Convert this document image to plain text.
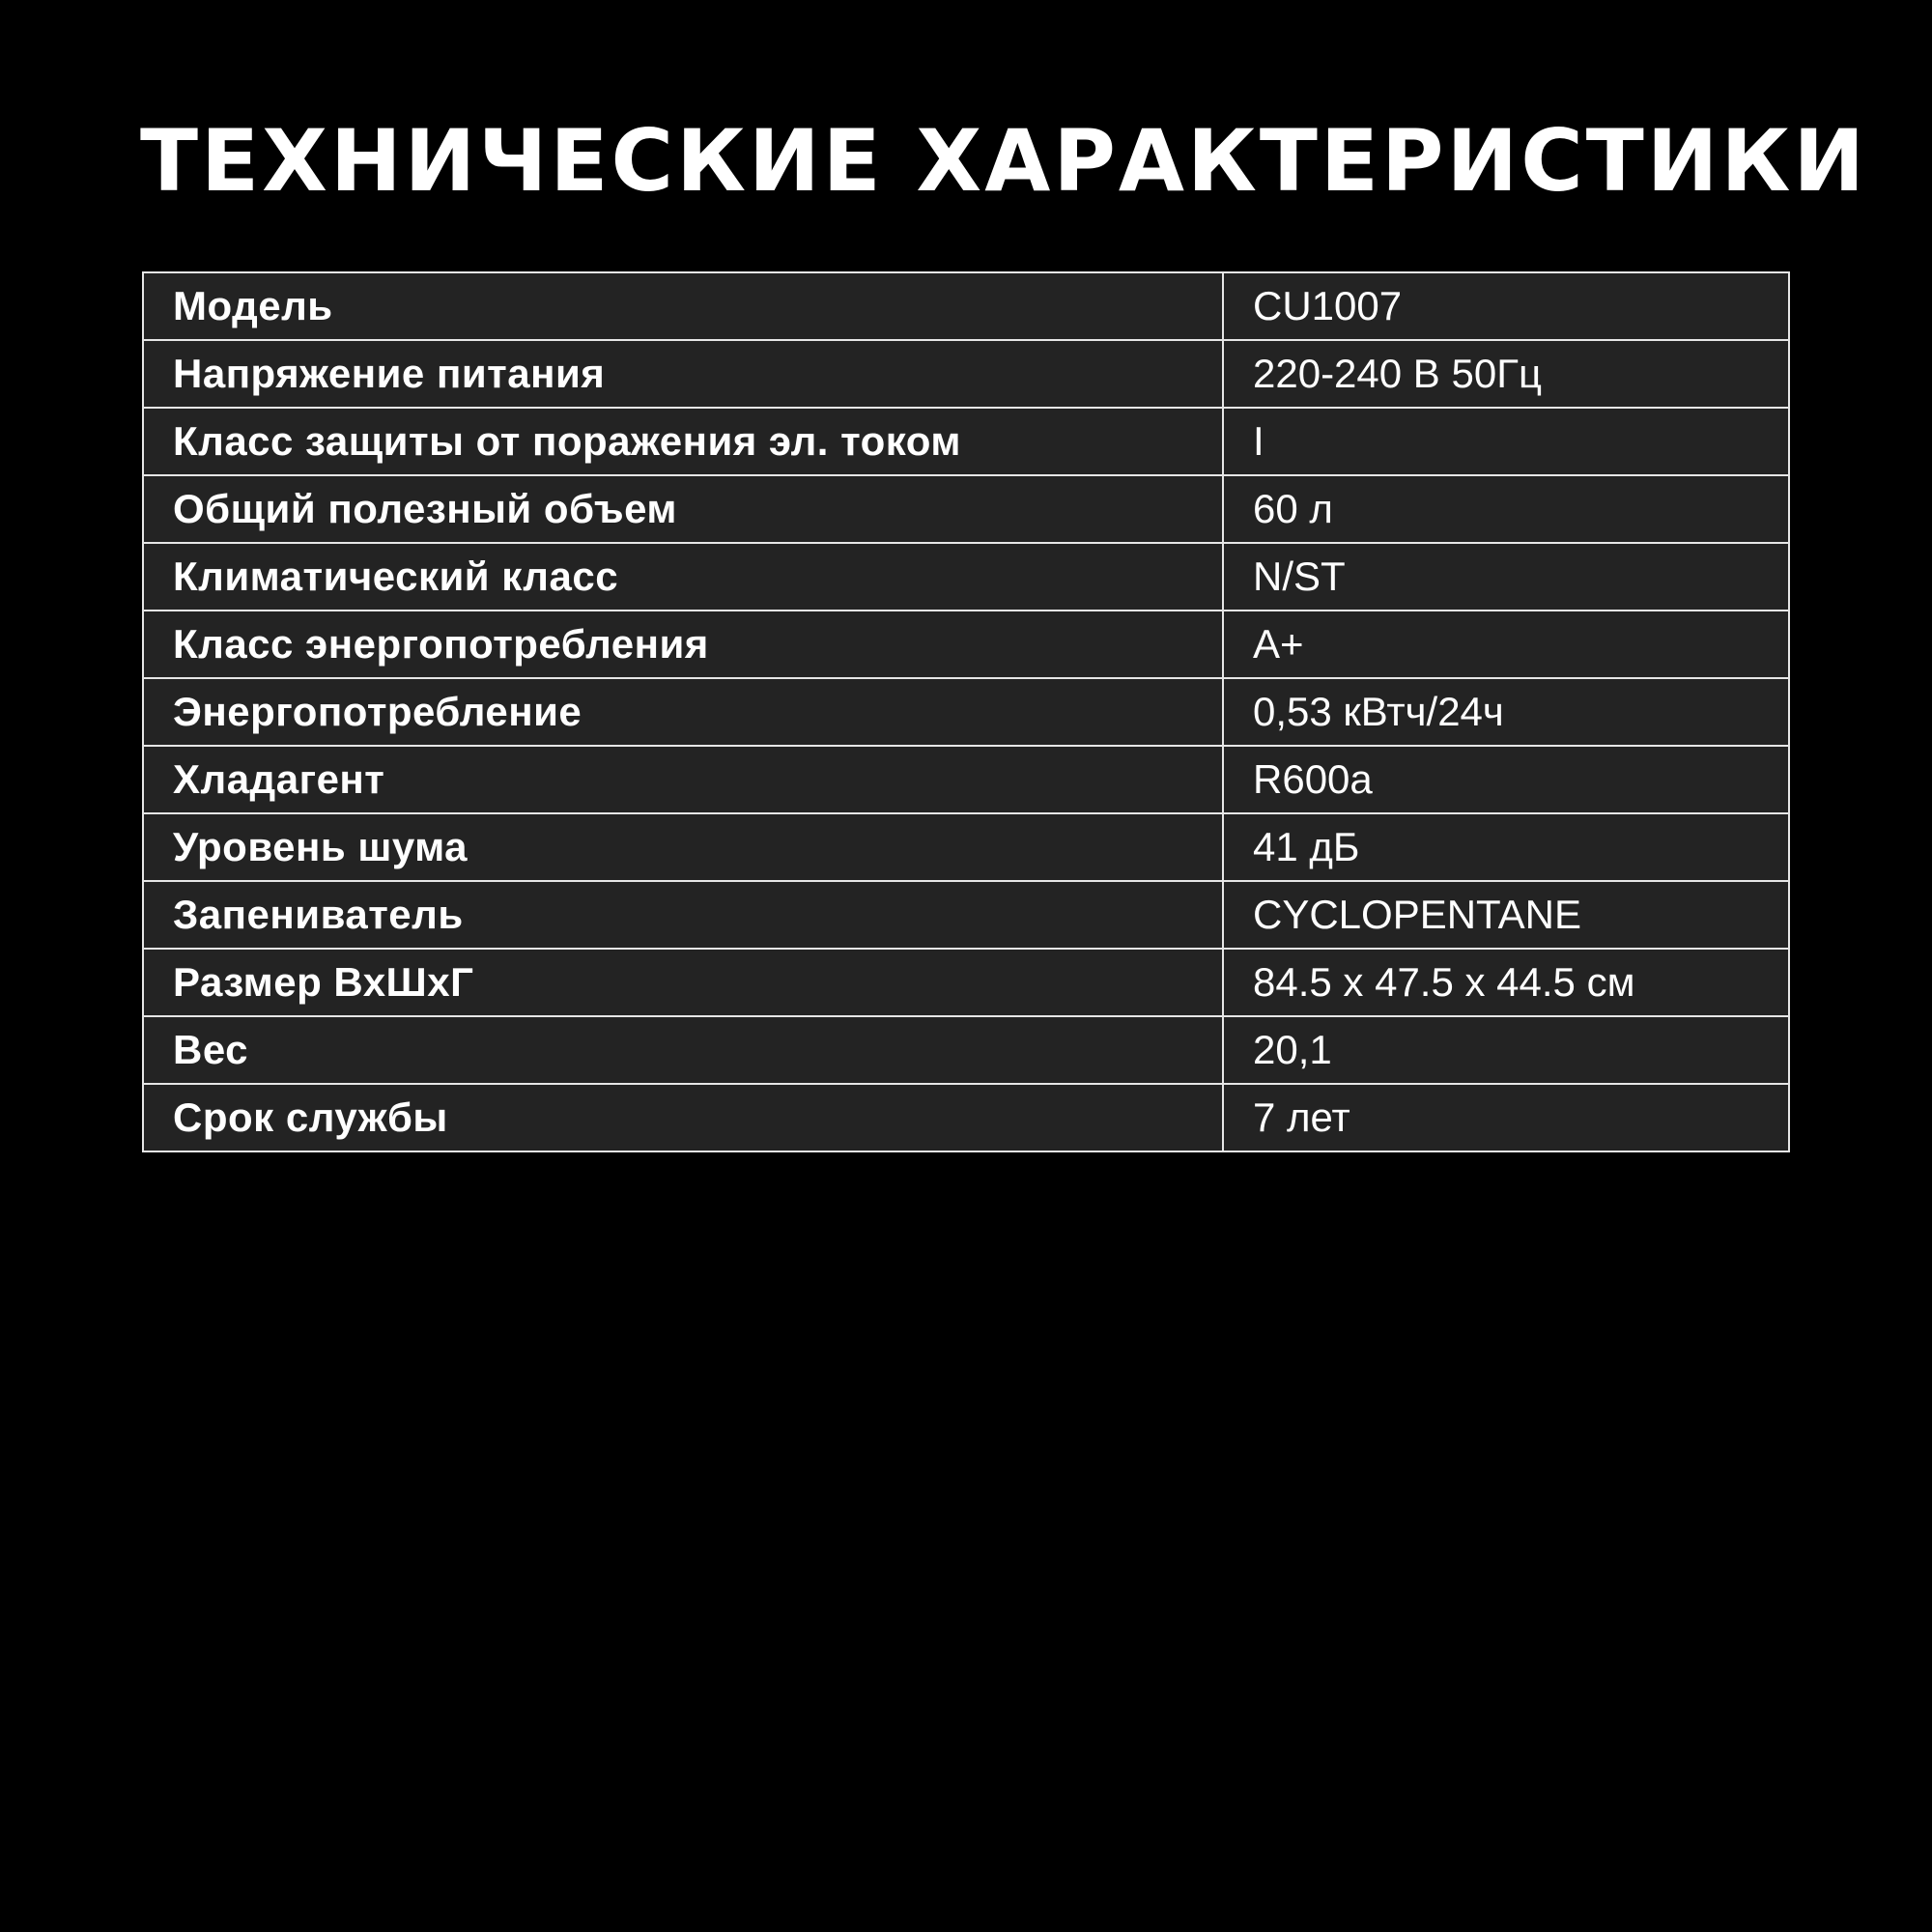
ТЕХНИЧЕСКИЕ ХАРАКТЕРИСТИКИ
Модель	CU1007
Напряжение питания	220-240 В 50Гц
Класс защиты от поражения эл. током	I
Общий полезный объем	60 л
Климатический класс	N/ST
Класс энергопотребления	А+
Энергопотребление	0,53 кВтч/24ч
Хладагент	R600a
Уровень шума	41 дБ
Запениватель	CYCLOPENTANE
Размер ВхШхГ	84.5 х 47.5 х 44.5 см
Вес	20,1
Срок службы	7 лет
